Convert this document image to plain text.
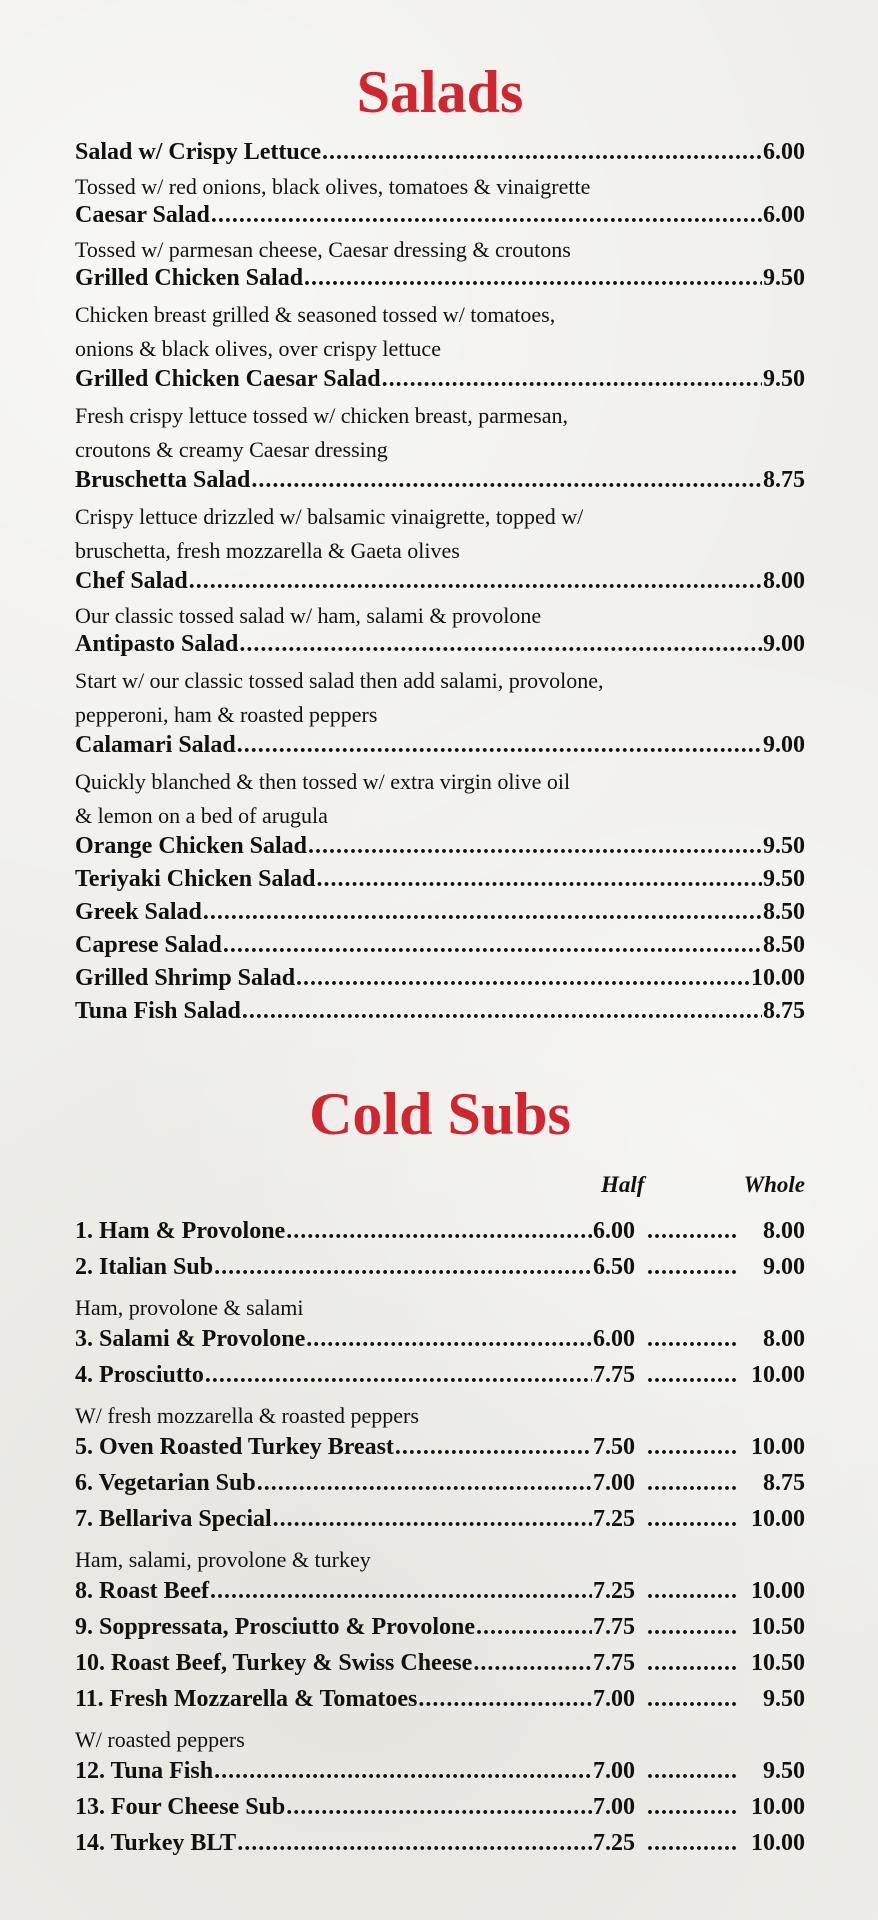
Salads
Salad w/ Crispy Lettuce .....	6.00
Tossed w/ red onions, black olives, tomatoes & vinaigrette
Caesar Salad .....	6.00
Tossed w/ parmesan cheese, Caesar dressing & croutons
Grilled Chicken Salad .....	9.50
Chicken breast grilled & seasoned tossed w/ tomatoes,
onions & black olives, over crispy lettuce
Grilled Chicken Caesar Salad .....	9.50
Fresh crispy lettuce tossed w/ chicken breast, parmesan,
croutons & creamy Caesar dressing
Bruschetta Salad .....	8.75
Crispy lettuce drizzled w/ balsamic vinaigrette, topped w/
bruschetta, fresh mozzarella & Gaeta olives
Chef Salad .....	8.00
Our classic tossed salad w/ ham, salami & provolone
Antipasto Salad .....	9.00
Start w/ our classic tossed salad then add salami, provolone,
pepperoni, ham & roasted peppers
Calamari Salad .....	9.00
Quickly blanched & then tossed w/ extra virgin olive oil
& lemon on a bed of arugula
Orange Chicken Salad .....	9.50
Teriyaki Chicken Salad .....	9.50
Greek Salad .....	8.50
Caprese Salad .....	8.50
Grilled Shrimp Salad .....	10.00
Tuna Fish Salad .....	8.75
Cold Subs
Half	Whole
1. Ham & Provolone .....	6.00 .....	8.00
2. Italian Sub .....	6.50 .....	9.00
Ham, provolone & salami
3. Salami & Provolone .....	6.00 .....	8.00
4. Prosciutto .....	7.75 .....	10.00
W/ fresh mozzarella & roasted peppers
5. Oven Roasted Turkey Breast .....	7.50 .....	10.00
6. Vegetarian Sub .....	7.00 .....	8.75
7. Bellariva Special .....	7.25 .....	10.00
Ham, salami, provolone & turkey
8. Roast Beef .....	7.25 .....	10.00
9. Soppressata, Prosciutto & Provolone .....	7.75 .....	10.50
10. Roast Beef, Turkey & Swiss Cheese .....	7.75 .....	10.50
11. Fresh Mozzarella & Tomatoes .....	7.00 .....	9.50
W/ roasted peppers
12. Tuna Fish .....	7.00 .....	9.50
13. Four Cheese Sub .....	7.00 .....	10.00
14. Turkey BLT .....	7.25 .....	10.00
